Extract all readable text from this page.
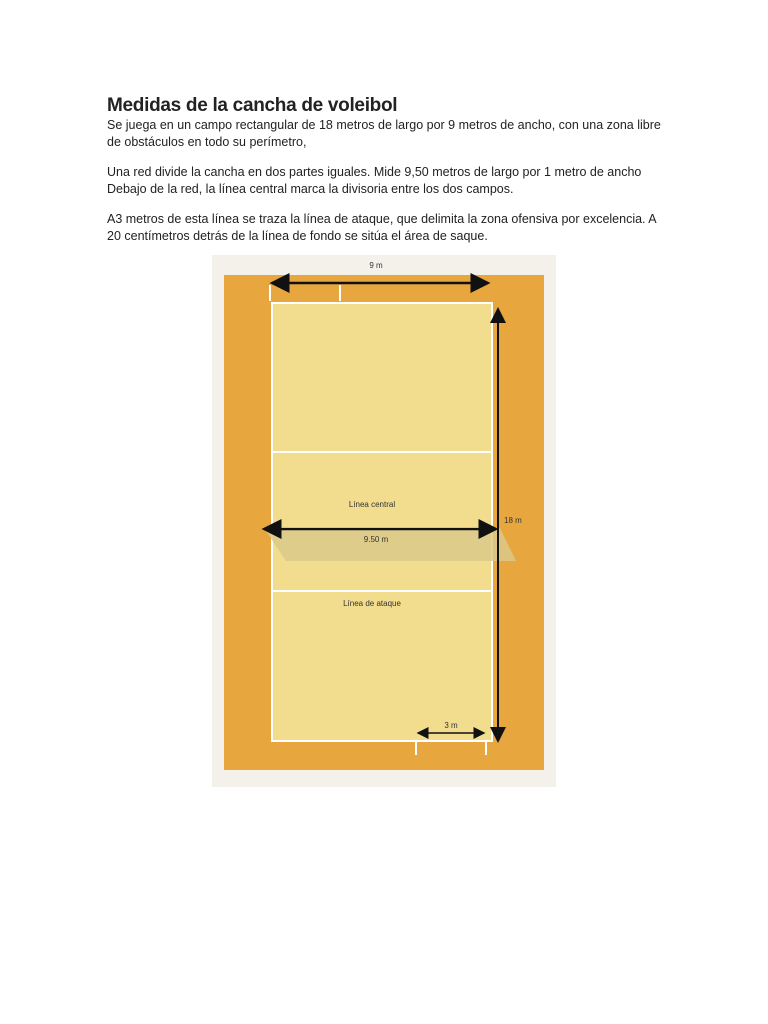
Medidas de la cancha de voleibol

Se juega en un campo rectangular de 18 metros de largo por 9 metros de ancho, con una zona libre de obstáculos en todo su perímetro,

Una red divide la cancha en dos partes iguales. Mide 9,50 metros de largo por 1 metro de ancho Debajo de la red, la línea central marca la divisoria entre los dos campos.

A3 metros de esta línea se traza la línea de ataque, que delimita la zona ofensiva por excelencia. A 20 centímetros detrás de la línea de fondo se sitúa el área de saque.

9 m
18 m
9.50 m
Línea central
Línea de ataque
3 m
